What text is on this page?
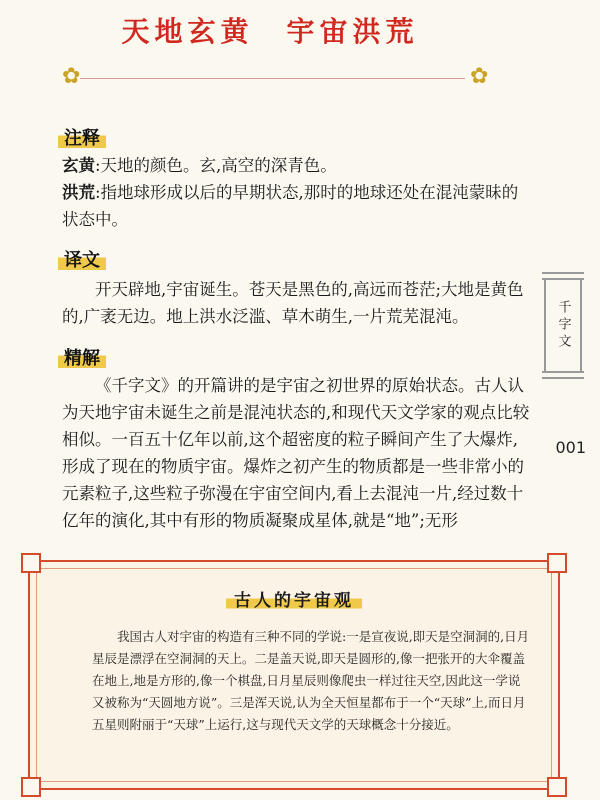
天地玄黄　宇宙洪荒
✿	✿
注释

玄黄:天地的颜色。玄,高空的深青色。

洪荒:指地球形成以后的早期状态,那时的地球还处在混沌蒙昧的状态中。

译文

开天辟地,宇宙诞生。苍天是黑色的,高远而苍茫;大地是黄色的,广袤无边。地上洪水泛滥、草木萌生,一片荒芜混沌。

精解

《千字文》的开篇讲的是宇宙之初世界的原始状态。古人认为天地宇宙未诞生之前是混沌状态的,和现代天文学家的观点比较相似。一百五十亿年以前,这个超密度的粒子瞬间产生了大爆炸,形成了现在的物质宇宙。爆炸之初产生的物质都是一些非常小的元素粒子,这些粒子弥漫在宇宙空间内,看上去混沌一片,经过数十亿年的演化,其中有形的物质凝聚成星体,就是“地”;无形

千字文
001
古人的宇宙观

我国古人对宇宙的构造有三种不同的学说:一是宣夜说,即天是空洞洞的,日月星辰是漂浮在空洞洞的天上。二是盖天说,即天是圆形的,像一把张开的大伞覆盖在地上,地是方形的,像一个棋盘,日月星辰则像爬虫一样过往天空,因此这一学说又被称为“天圆地方说”。三是浑天说,认为全天恒星都布于一个“天球”上,而日月五星则附丽于“天球”上运行,这与现代天文学的天球概念十分接近。
